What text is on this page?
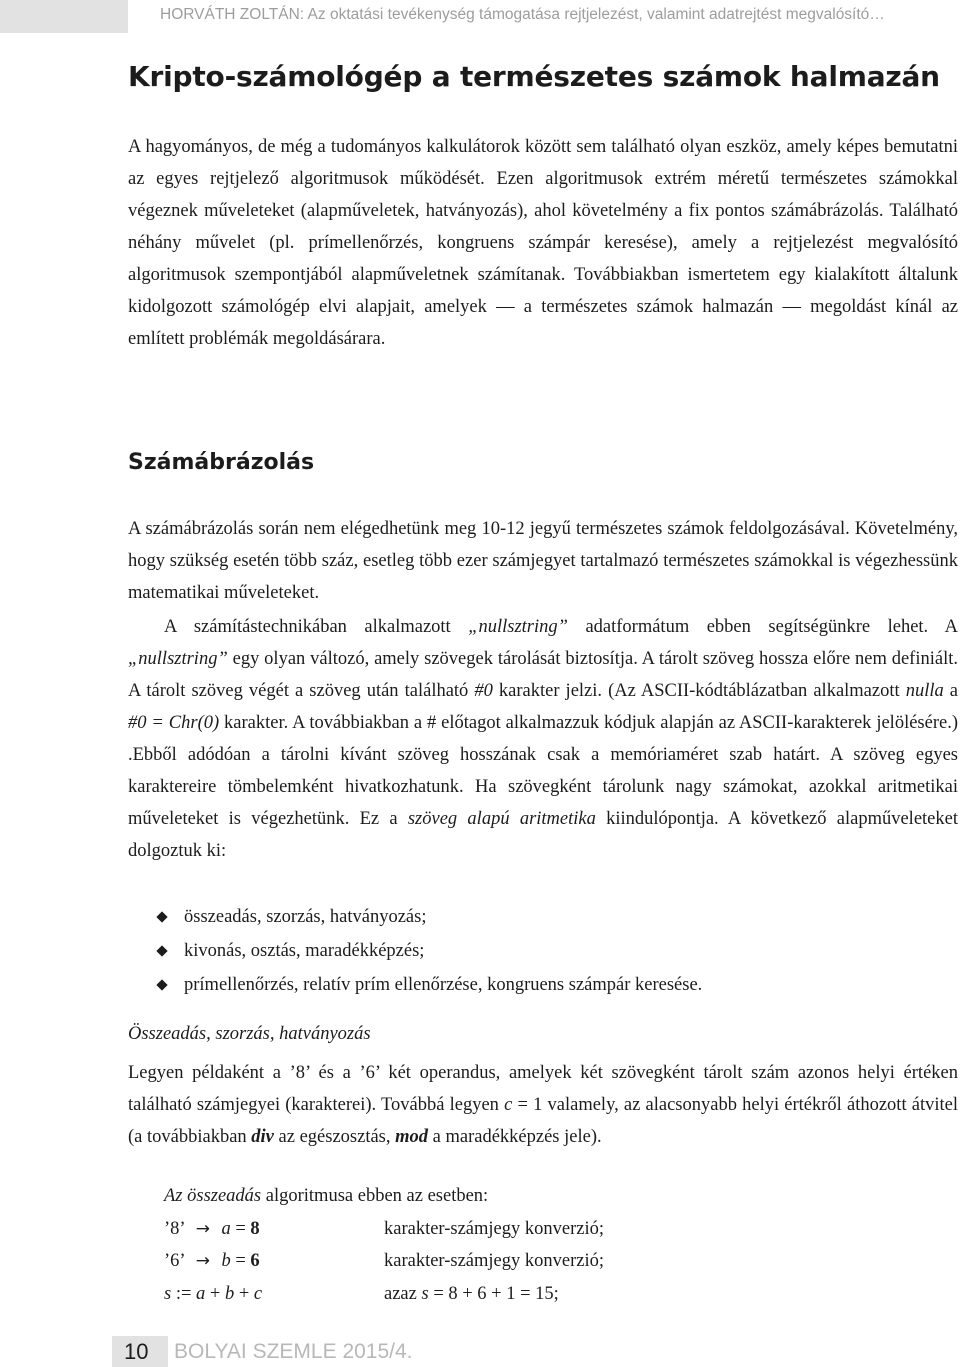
HORVÁTH ZOLTÁN: Az oktatási tevékenység támogatása rejtjelezést, valamint adatrejtést megvalósító…
Kripto-számológép a természetes számok halmazán

A hagyományos, de még a tudományos kalkulátorok között sem található olyan eszköz, amely képes bemutatni az egyes rejtjelező algoritmusok működését. Ezen algoritmusok extrém méretű természetes számokkal végeznek műveleteket (alapműveletek, hatványozás), ahol követelmény a fix pontos számábrázolás. Található néhány művelet (pl. prímellenőrzés, kongruens számpár keresése), amely a rejtjelezést megvalósító algoritmusok szempontjából alapműveletnek számítanak. Továbbiakban ismertetem egy kialakított általunk kidolgozott számológép elvi alapjait, amelyek — a természetes számok halmazán — megoldást kínál az említett problémák megoldásárara.

Számábrázolás

A számábrázolás során nem elégedhetünk meg 10-12 jegyű természetes számok feldolgozásával. Követelmény, hogy szükség esetén több száz, esetleg több ezer számjegyet tartalmazó természetes számokkal is végezhessünk matematikai műveleteket.

A számítástechnikában alkalmazott „nullsztring” adatformátum ebben segítségünkre lehet. A „nullsztring” egy olyan változó, amely szövegek tárolását biztosítja. A tárolt szöveg hossza előre nem definiált. A tárolt szöveg végét a szöveg után található #0 karakter jelzi. (Az ASCII-kódtáblázatban alkalmazott nulla a #0 = Chr(0) karakter. A továbbiakban a # előtagot alkalmazzuk kódjuk alapján az ASCII-karakterek jelölésére.) .Ebből adódóan a tárolni kívánt szöveg hosszának csak a memóriaméret szab határt. A szöveg egyes karaktereire tömbelemként hivatkozhatunk. Ha szövegként tárolunk nagy számokat, azokkal aritmetikai műveleteket is végezhetünk. Ez a szöveg alapú aritmetika kiindulópontja. A következő alapműveleteket dolgoztuk ki:

összeadás, szorzás, hatványozás;
kivonás, osztás, maradékképzés;
prímellenőrzés, relatív prím ellenőrzése, kongruens számpár keresése.

Összeadás, szorzás, hatványozás

Legyen példaként a ’8’ és a ’6’ két operandus, amelyek két szövegként tárolt szám azonos helyi értéken található számjegyei (karakterei). Továbbá legyen c = 1 valamely, az alacsonyabb helyi értékről áthozott átvitel (a továbbiakban div az egészosztás, mod a maradékképzés jele).

Az összeadás algoritmusa ebben az esetben:
’8’ → a = 8	karakter-számjegy konverzió;
’6’ → b = 6	karakter-számjegy konverzió;
s := a + b + c	azaz s = 8 + 6 + 1 = 15;
10 BOLYAI SZEMLE 2015/4.
